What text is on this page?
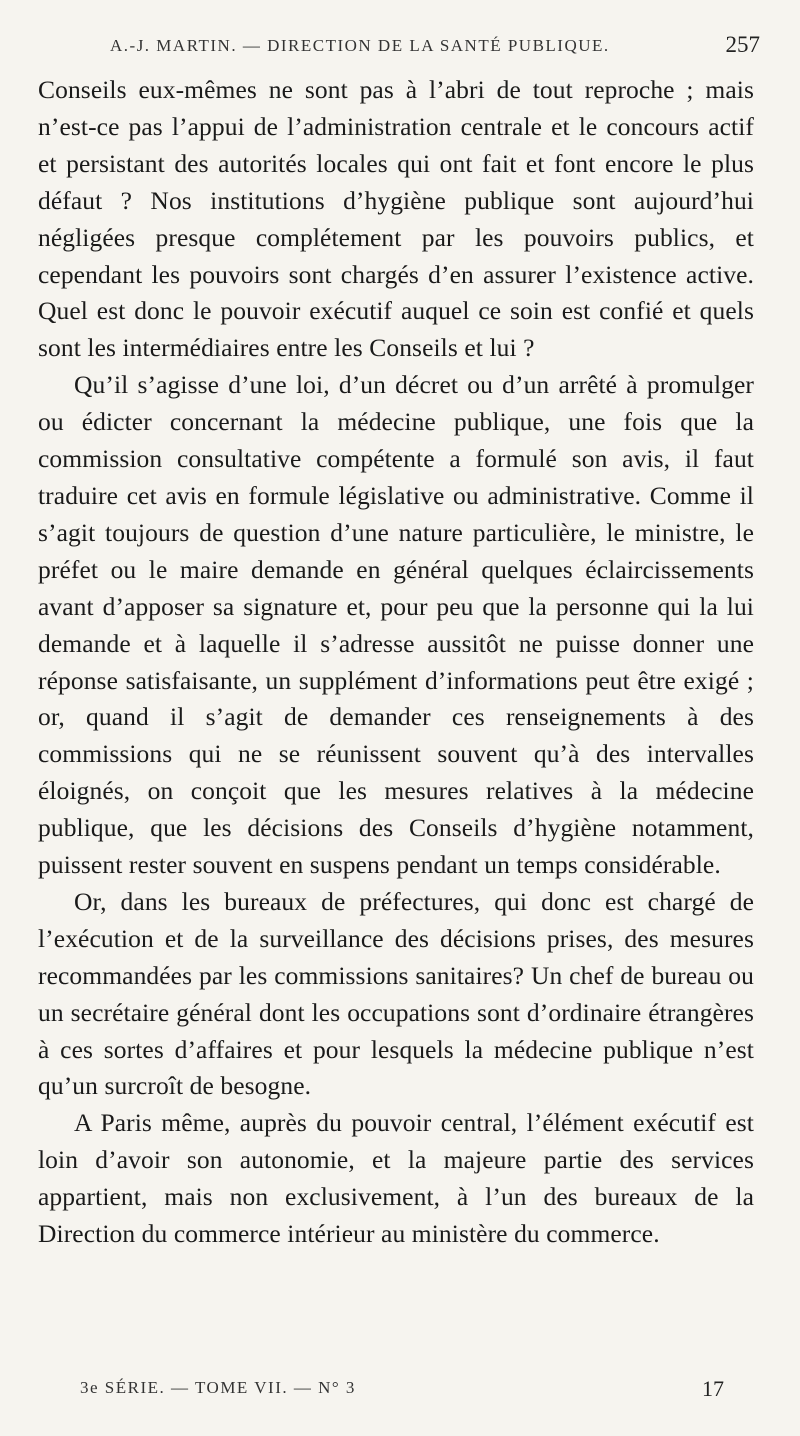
A.-J. MARTIN. — DIRECTION DE LA SANTÉ PUBLIQUE.	257

Conseils eux-mêmes ne sont pas à l’abri de tout reproche ; mais n’est-ce pas l’appui de l’administration centrale et le concours actif et persistant des autorités locales qui ont fait et font encore le plus défaut ? Nos institutions d’hygiène publique sont aujourd’hui négligées presque complétement par les pouvoirs publics, et cependant les pouvoirs sont chargés d’en assurer l’existence active. Quel est donc le pouvoir exécutif auquel ce soin est confié et quels sont les intermédiaires entre les Conseils et lui ?

Qu’il s’agisse d’une loi, d’un décret ou d’un arrêté à promulger ou édicter concernant la médecine publique, une fois que la commission consultative compétente a formulé son avis, il faut traduire cet avis en formule législative ou administrative. Comme il s’agit toujours de question d’une nature particulière, le ministre, le préfet ou le maire demande en général quelques éclaircissements avant d’apposer sa signature et, pour peu que la personne qui la lui demande et à laquelle il s’adresse aussitôt ne puisse donner une réponse satisfaisante, un supplément d’informations peut être exigé ; or, quand il s’agit de demander ces renseignements à des commissions qui ne se réunissent souvent qu’à des intervalles éloignés, on conçoit que les mesures relatives à la médecine publique, que les décisions des Conseils d’hygiène notamment, puissent rester souvent en suspens pendant un temps considérable.

Or, dans les bureaux de préfectures, qui donc est chargé de l’exécution et de la surveillance des décisions prises, des mesures recommandées par les commissions sanitaires? Un chef de bureau ou un secrétaire général dont les occupations sont d’ordinaire étrangères à ces sortes d’affaires et pour lesquels la médecine publique n’est qu’un surcroît de besogne.

A Paris même, auprès du pouvoir central, l’élément exécutif est loin d’avoir son autonomie, et la majeure partie des services appartient, mais non exclusivement, à l’un des bureaux de la Direction du commerce intérieur au ministère du commerce.

3e SÉRIE. — TOME VII. — N° 3	17
